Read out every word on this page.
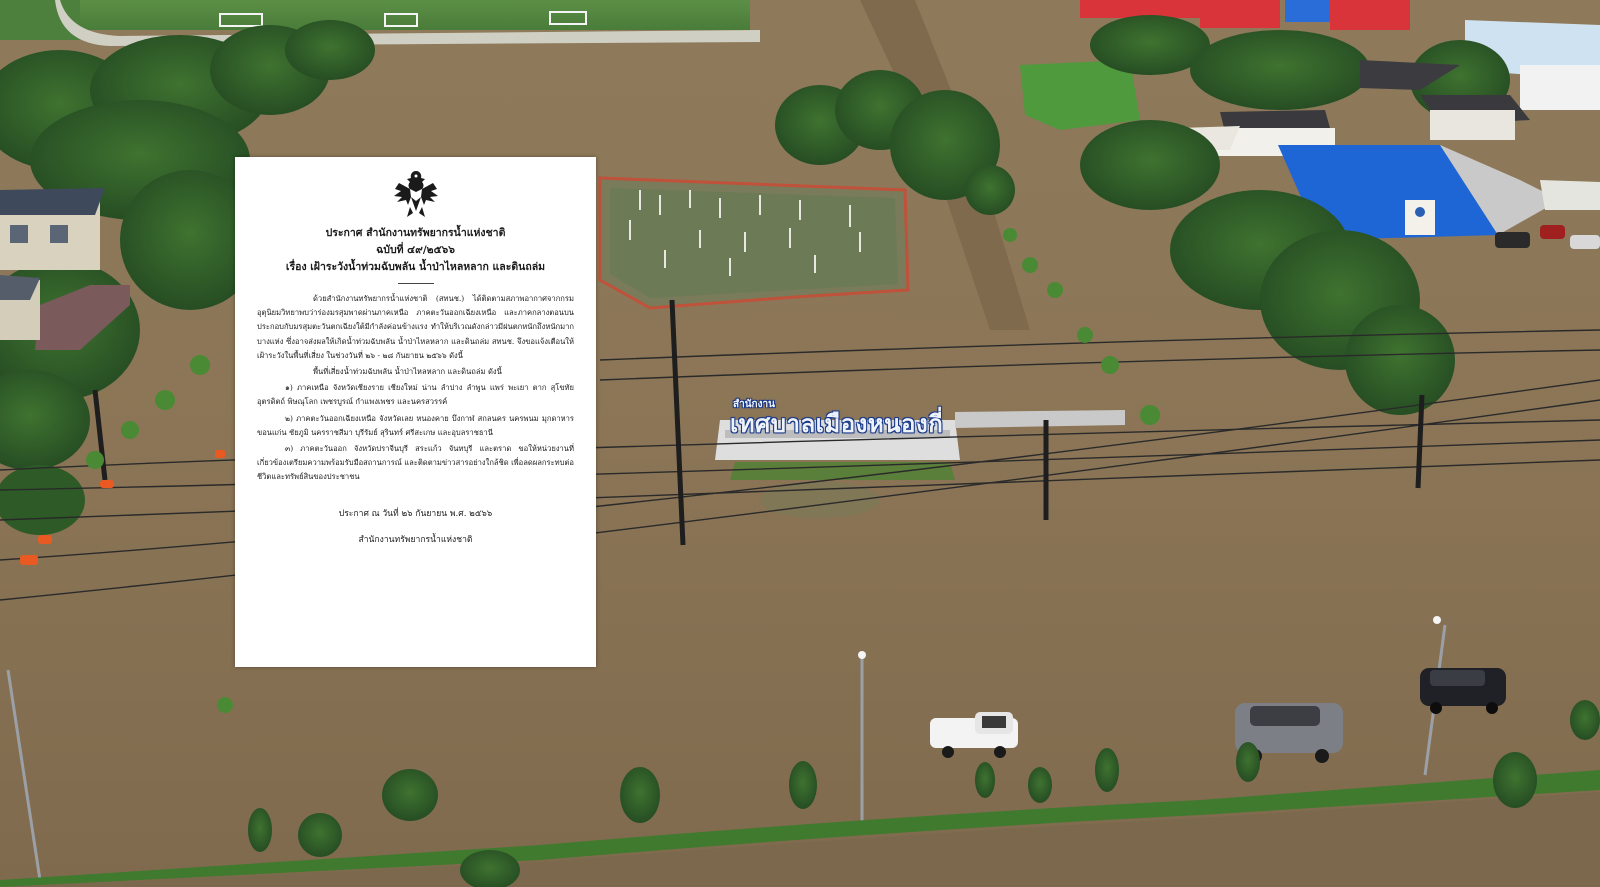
สำนักงาน
เทศบาลเมืองหนองกี่
ประกาศ สำนักงานทรัพยากรน้ำแห่งชาติ
ฉบับที่ ๔๙/๒๕๖๖
เรื่อง เฝ้าระวังน้ำท่วมฉับพลัน น้ำป่าไหลหลาก และดินถล่ม

ด้วยสำนักงานทรัพยากรน้ำแห่งชาติ (สทนช.) ได้ติดตามสภาพอากาศจากกรมอุตุนิยมวิทยาพบว่าร่องมรสุมพาดผ่านภาคเหนือ ภาคตะวันออกเฉียงเหนือ และภาคกลางตอนบน ประกอบกับมรสุมตะวันตกเฉียงใต้มีกำลังค่อนข้างแรง ทำให้บริเวณดังกล่าวมีฝนตกหนักถึงหนักมากบางแห่ง ซึ่งอาจส่งผลให้เกิดน้ำท่วมฉับพลัน น้ำป่าไหลหลาก และดินถล่ม สทนช. จึงขอแจ้งเตือนให้เฝ้าระวังในพื้นที่เสี่ยง ในช่วงวันที่ ๒๖ - ๒๘ กันยายน ๒๕๖๖ ดังนี้

พื้นที่เสี่ยงน้ำท่วมฉับพลัน น้ำป่าไหลหลาก และดินถล่ม ดังนี้

๑) ภาคเหนือ จังหวัดเชียงราย เชียงใหม่ น่าน ลำปาง ลำพูน แพร่ พะเยา ตาก สุโขทัย อุตรดิตถ์ พิษณุโลก เพชรบูรณ์ กำแพงเพชร และนครสวรรค์

๒) ภาคตะวันออกเฉียงเหนือ จังหวัดเลย หนองคาย บึงกาฬ สกลนคร นครพนม มุกดาหาร ขอนแก่น ชัยภูมิ นครราชสีมา บุรีรัมย์ สุรินทร์ ศรีสะเกษ และอุบลราชธานี

๓) ภาคตะวันออก จังหวัดปราจีนบุรี สระแก้ว จันทบุรี และตราด ขอให้หน่วยงานที่เกี่ยวข้องเตรียมความพร้อมรับมือสถานการณ์ และติดตามข่าวสารอย่างใกล้ชิด เพื่อลดผลกระทบต่อชีวิตและทรัพย์สินของประชาชน

ประกาศ ณ วันที่ ๒๖ กันยายน พ.ศ. ๒๕๖๖
สำนักงานทรัพยากรน้ำแห่งชาติ
